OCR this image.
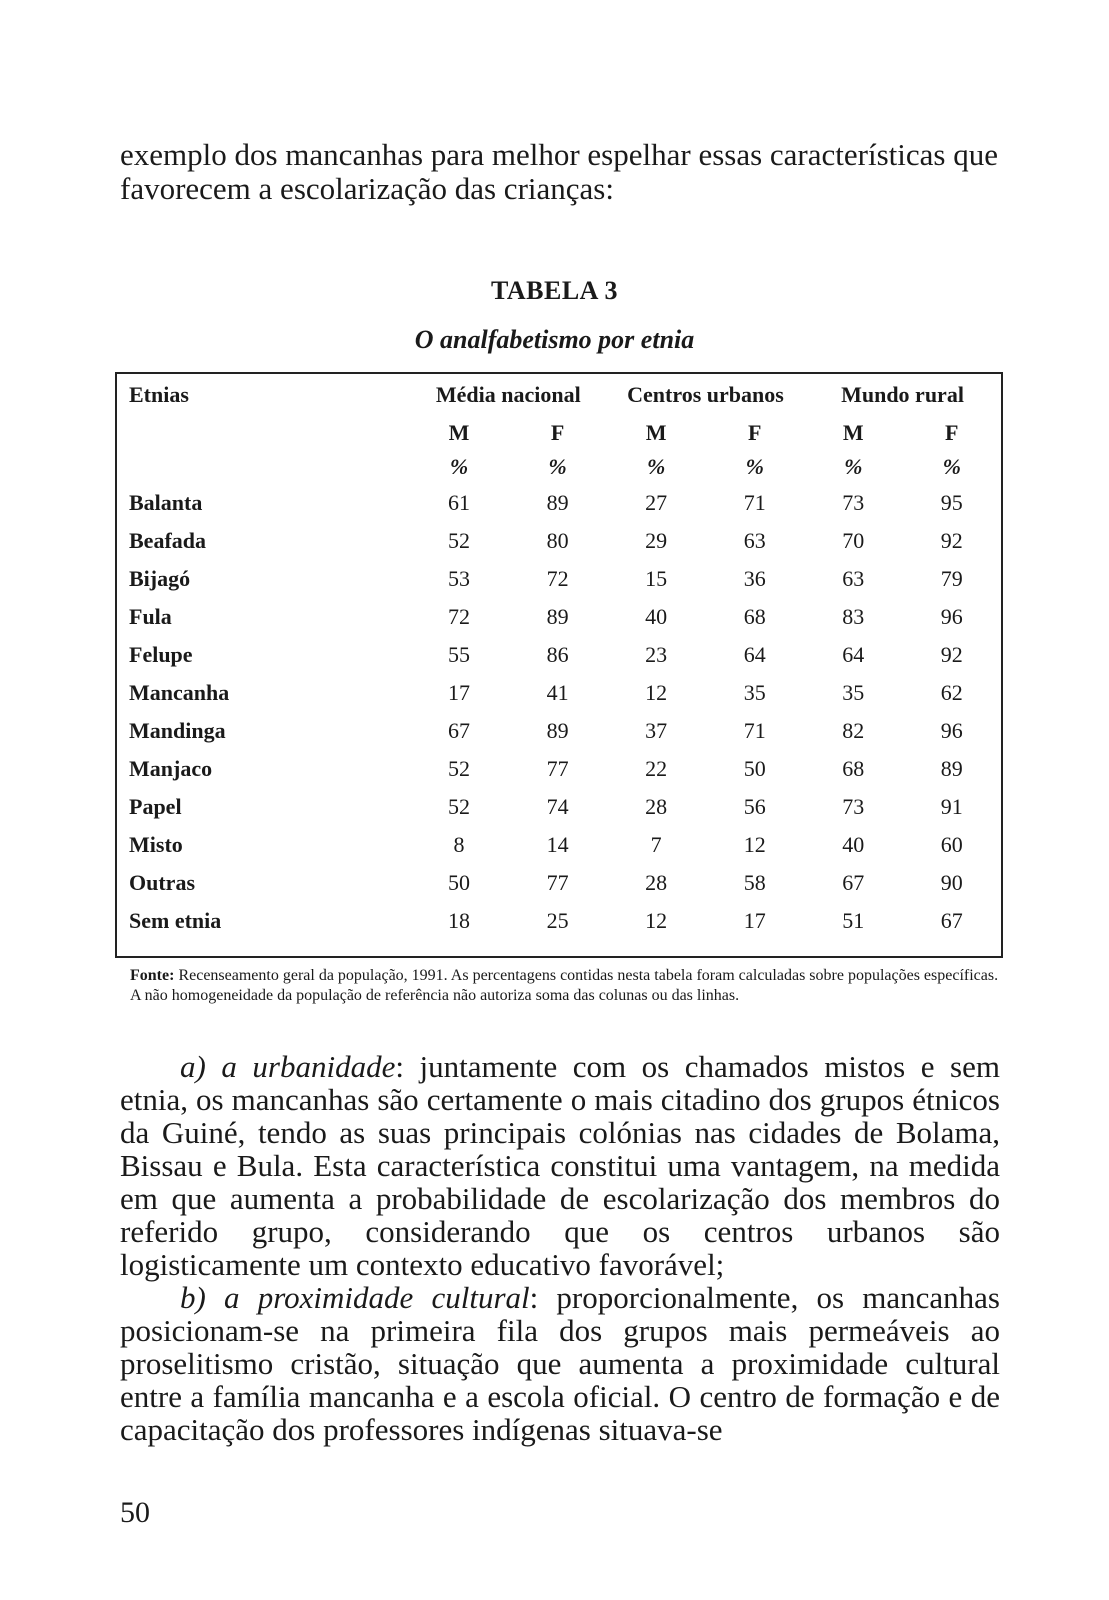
exemplo dos mancanhas para melhor espelhar essas características que favorecem a escolarização das crianças:

TABELA 3
O analfabetismo por etnia
Etnias	Média nacional		Centros urbanos		Mundo rural	
	M	F	M	F	M	F
	%	%	%	%	%	%
Balanta	61	89	27	71	73	95
Beafada	52	80	29	63	70	92
Bijagó	53	72	15	36	63	79
Fula	72	89	40	68	83	96
Felupe	55	86	23	64	64	92
Mancanha	17	41	12	35	35	62
Mandinga	67	89	37	71	82	96
Manjaco	52	77	22	50	68	89
Papel	52	74	28	56	73	91
Misto	8	14	7	12	40	60
Outras	50	77	28	58	67	90
Sem etnia	18	25	12	17	51	67

Fonte: Recenseamento geral da população, 1991. As percentagens contidas nesta tabela foram calculadas sobre populações específicas. A não homogeneidade da população de referência não autoriza soma das colunas ou das linhas.

a) a urbanidade: juntamente com os chamados mistos e sem etnia, os mancanhas são certamente o mais citadino dos grupos étnicos da Guiné, tendo as suas principais colónias nas cidades de Bolama, Bissau e Bula. Esta característica constitui uma vantagem, na medida em que aumenta a probabilidade de escolarização dos membros do referido grupo, considerando que os centros urbanos são logisticamente um contexto educativo favorável;

b) a proximidade cultural: proporcionalmente, os mancanhas posicionam-se na primeira fila dos grupos mais permeáveis ao proselitismo cristão, situação que aumenta a proximidade cultural entre a família mancanha e a escola oficial. O centro de formação e de capacitação dos professores indígenas situava-se

50
